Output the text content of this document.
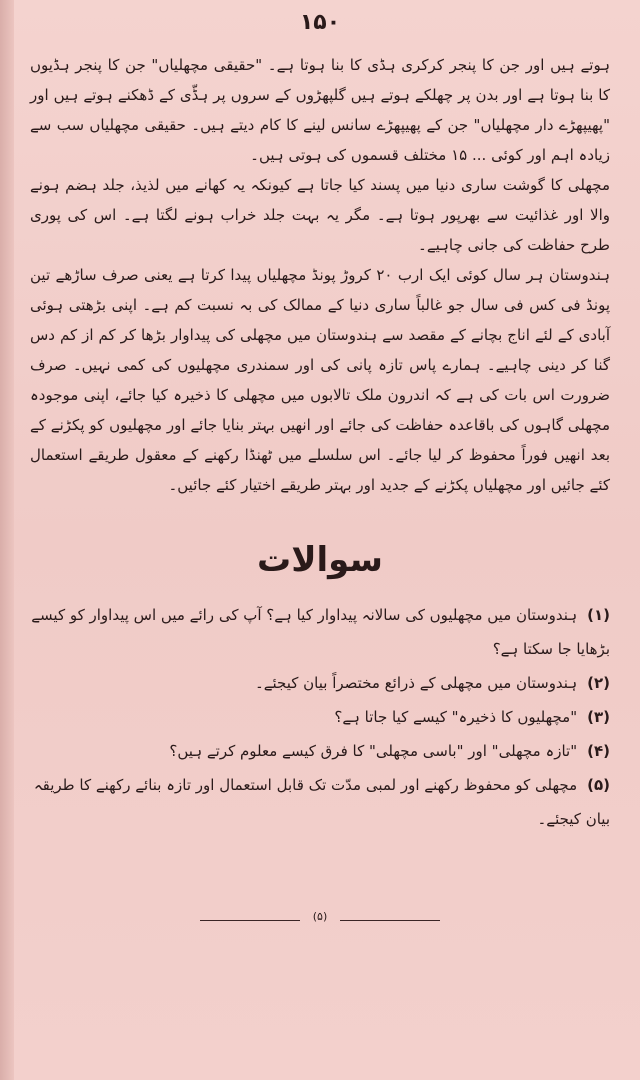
۱۵۰

ہوتے ہیں اور جن کا پنجر کرکری ہڈی کا بنا ہوتا ہے۔ "حقیقی مچھلیاں" جن کا پنجر ہڈیوں کا بنا ہوتا ہے اور بدن پر چھلکے ہوتے ہیں گلپھڑوں کے سروں پر ہڈّی کے ڈھکنے ہوتے ہیں اور "پھیپھڑے دار مچھلیاں" جن کے پھیپھڑے سانس لینے کا کام دیتے ہیں۔ حقیقی مچھلیاں سب سے زیادہ اہم اور کوئی ... ۱۵ مختلف قسموں کی ہوتی ہیں۔

مچھلی کا گوشت ساری دنیا میں پسند کیا جاتا ہے کیونکہ یہ کھانے میں لذیذ، جلد ہضم ہونے والا اور غذائیت سے بھرپور ہوتا ہے۔ مگر یہ بہت جلد خراب ہونے لگتا ہے۔ اس کی پوری طرح حفاظت کی جانی چاہیے۔

ہندوستان ہر سال کوئی ایک ارب ۲۰ کروڑ پونڈ مچھلیاں پیدا کرتا ہے یعنی صرف ساڑھے تین پونڈ فی کس فی سال جو غالباً ساری دنیا کے ممالک کی بہ نسبت کم ہے۔ اپنی بڑھتی ہوئی آبادی کے لئے اناج بچانے کے مقصد سے ہندوستان میں مچھلی کی پیداوار بڑھا کر کم از کم دس گنا کر دینی چاہیے۔ ہمارے پاس تازہ پانی کی اور سمندری مچھلیوں کی کمی نہیں۔ صرف ضرورت اس بات کی ہے کہ اندرون ملک تالابوں میں مچھلی کا ذخیرہ کیا جائے، اپنی موجودہ مچھلی گاہوں کی باقاعدہ حفاظت کی جائے اور انھیں بہتر بنایا جائے اور مچھلیوں کو پکڑنے کے بعد انھیں فوراً محفوظ کر لیا جائے۔ اس سلسلے میں ٹھنڈا رکھنے کے معقول طریقے استعمال کئے جائیں اور مچھلیاں پکڑنے کے جدید اور بہتر طریقے اختیار کئے جائیں۔

سوالات
(۱)ہندوستان میں مچھلیوں کی سالانہ پیداوار کیا ہے؟ آپ کی رائے میں اس پیداوار کو کیسے بڑھایا جا سکتا ہے؟
(۲)ہندوستان میں مچھلی کے ذرائع مختصراً بیان کیجئے۔
(۳)"مچھلیوں کا ذخیرہ" کیسے کیا جاتا ہے؟
(۴)"تازہ مچھلی" اور "باسی مچھلی" کا فرق کیسے معلوم کرتے ہیں؟
(۵)مچھلی کو محفوظ رکھنے اور لمبی مدّت تک قابل استعمال اور تازہ بنائے رکھنے کا طریقہ بیان کیجئے۔
(۵)
